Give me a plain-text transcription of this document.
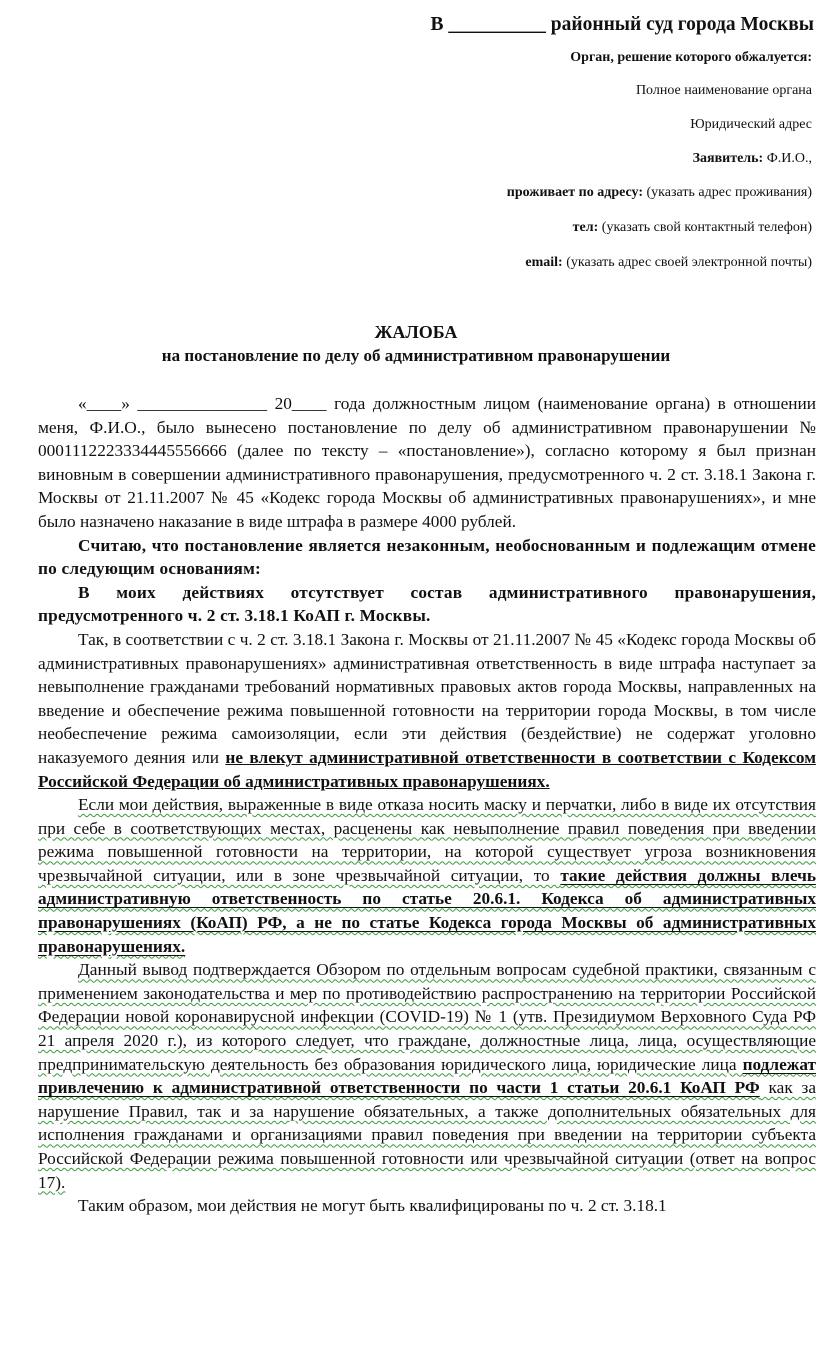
В __________ районный суд города Москвы
Орган, решение которого обжалуется:
Полное наименование органа
Юридический адрес
Заявитель: Ф.И.О.,
проживает по адресу: (указать адрес проживания)
тел: (указать свой контактный телефон)
email: (указать адрес своей электронной почты)
ЖАЛОБА
на постановление по делу об административном правонарушении

«____» _______________ 20____ года должностным лицом (наименование органа) в отношении меня, Ф.И.О., было вынесено постановление по делу об административном правонарушении № 0001112223334445556666 (далее по тексту – «постановление»), согласно которому я был признан виновным в совершении административного правонарушения, предусмотренного ч. 2 ст. 3.18.1 Закона г. Москвы от 21.11.2007 № 45 «Кодекс города Москвы об административных правонарушениях», и мне было назначено наказание в виде штрафа в размере 4000 рублей.

Считаю, что постановление является незаконным, необоснованным и подлежащим отмене по следующим основаниям:

В моих действиях отсутствует состав административного правонарушения, предусмотренного ч. 2 ст. 3.18.1 КоАП г. Москвы.

Так, в соответствии с ч. 2 ст. 3.18.1 Закона г. Москвы от 21.11.2007 № 45 «Кодекс города Москвы об административных правонарушениях» административная ответственность в виде штрафа наступает за невыполнение гражданами требований нормативных правовых актов города Москвы, направленных на введение и обеспечение режима повышенной готовности на территории города Москвы, в том числе необеспечение режима самоизоляции, если эти действия (бездействие) не содержат уголовно наказуемого деяния или не влекут административной ответственности в соответствии с Кодексом Российской Федерации об административных правонарушениях.

Если мои действия, выраженные в виде отказа носить маску и перчатки, либо в виде их отсутствия при себе в соответствующих местах, расценены как невыполнение правил поведения при введении режима повышенной готовности на территории, на которой существует угроза возникновения чрезвычайной ситуации, или в зоне чрезвычайной ситуации, то такие действия должны влечь административную ответственность по статье 20.6.1. Кодекса об административных правонарушениях (КоАП) РФ, а не по статье Кодекса города Москвы об административных правонарушениях.

Данный вывод подтверждается Обзором по отдельным вопросам судебной практики, связанным с применением законодательства и мер по противодействию распространению на территории Российской Федерации новой коронавирусной инфекции (COVID-19) № 1 (утв. Президиумом Верховного Суда РФ 21 апреля 2020 г.), из которого следует, что граждане, должностные лица, лица, осуществляющие предпринимательскую деятельность без образования юридического лица, юридические лица подлежат привлечению к административной ответственности по части 1 статьи 20.6.1 КоАП РФ как за нарушение Правил, так и за нарушение обязательных, а также дополнительных обязательных для исполнения гражданами и организациями правил поведения при введении на территории субъекта Российской Федерации режима повышенной готовности или чрезвычайной ситуации (ответ на вопрос 17).

Таким образом, мои действия не могут быть квалифицированы по ч. 2 ст. 3.18.1
